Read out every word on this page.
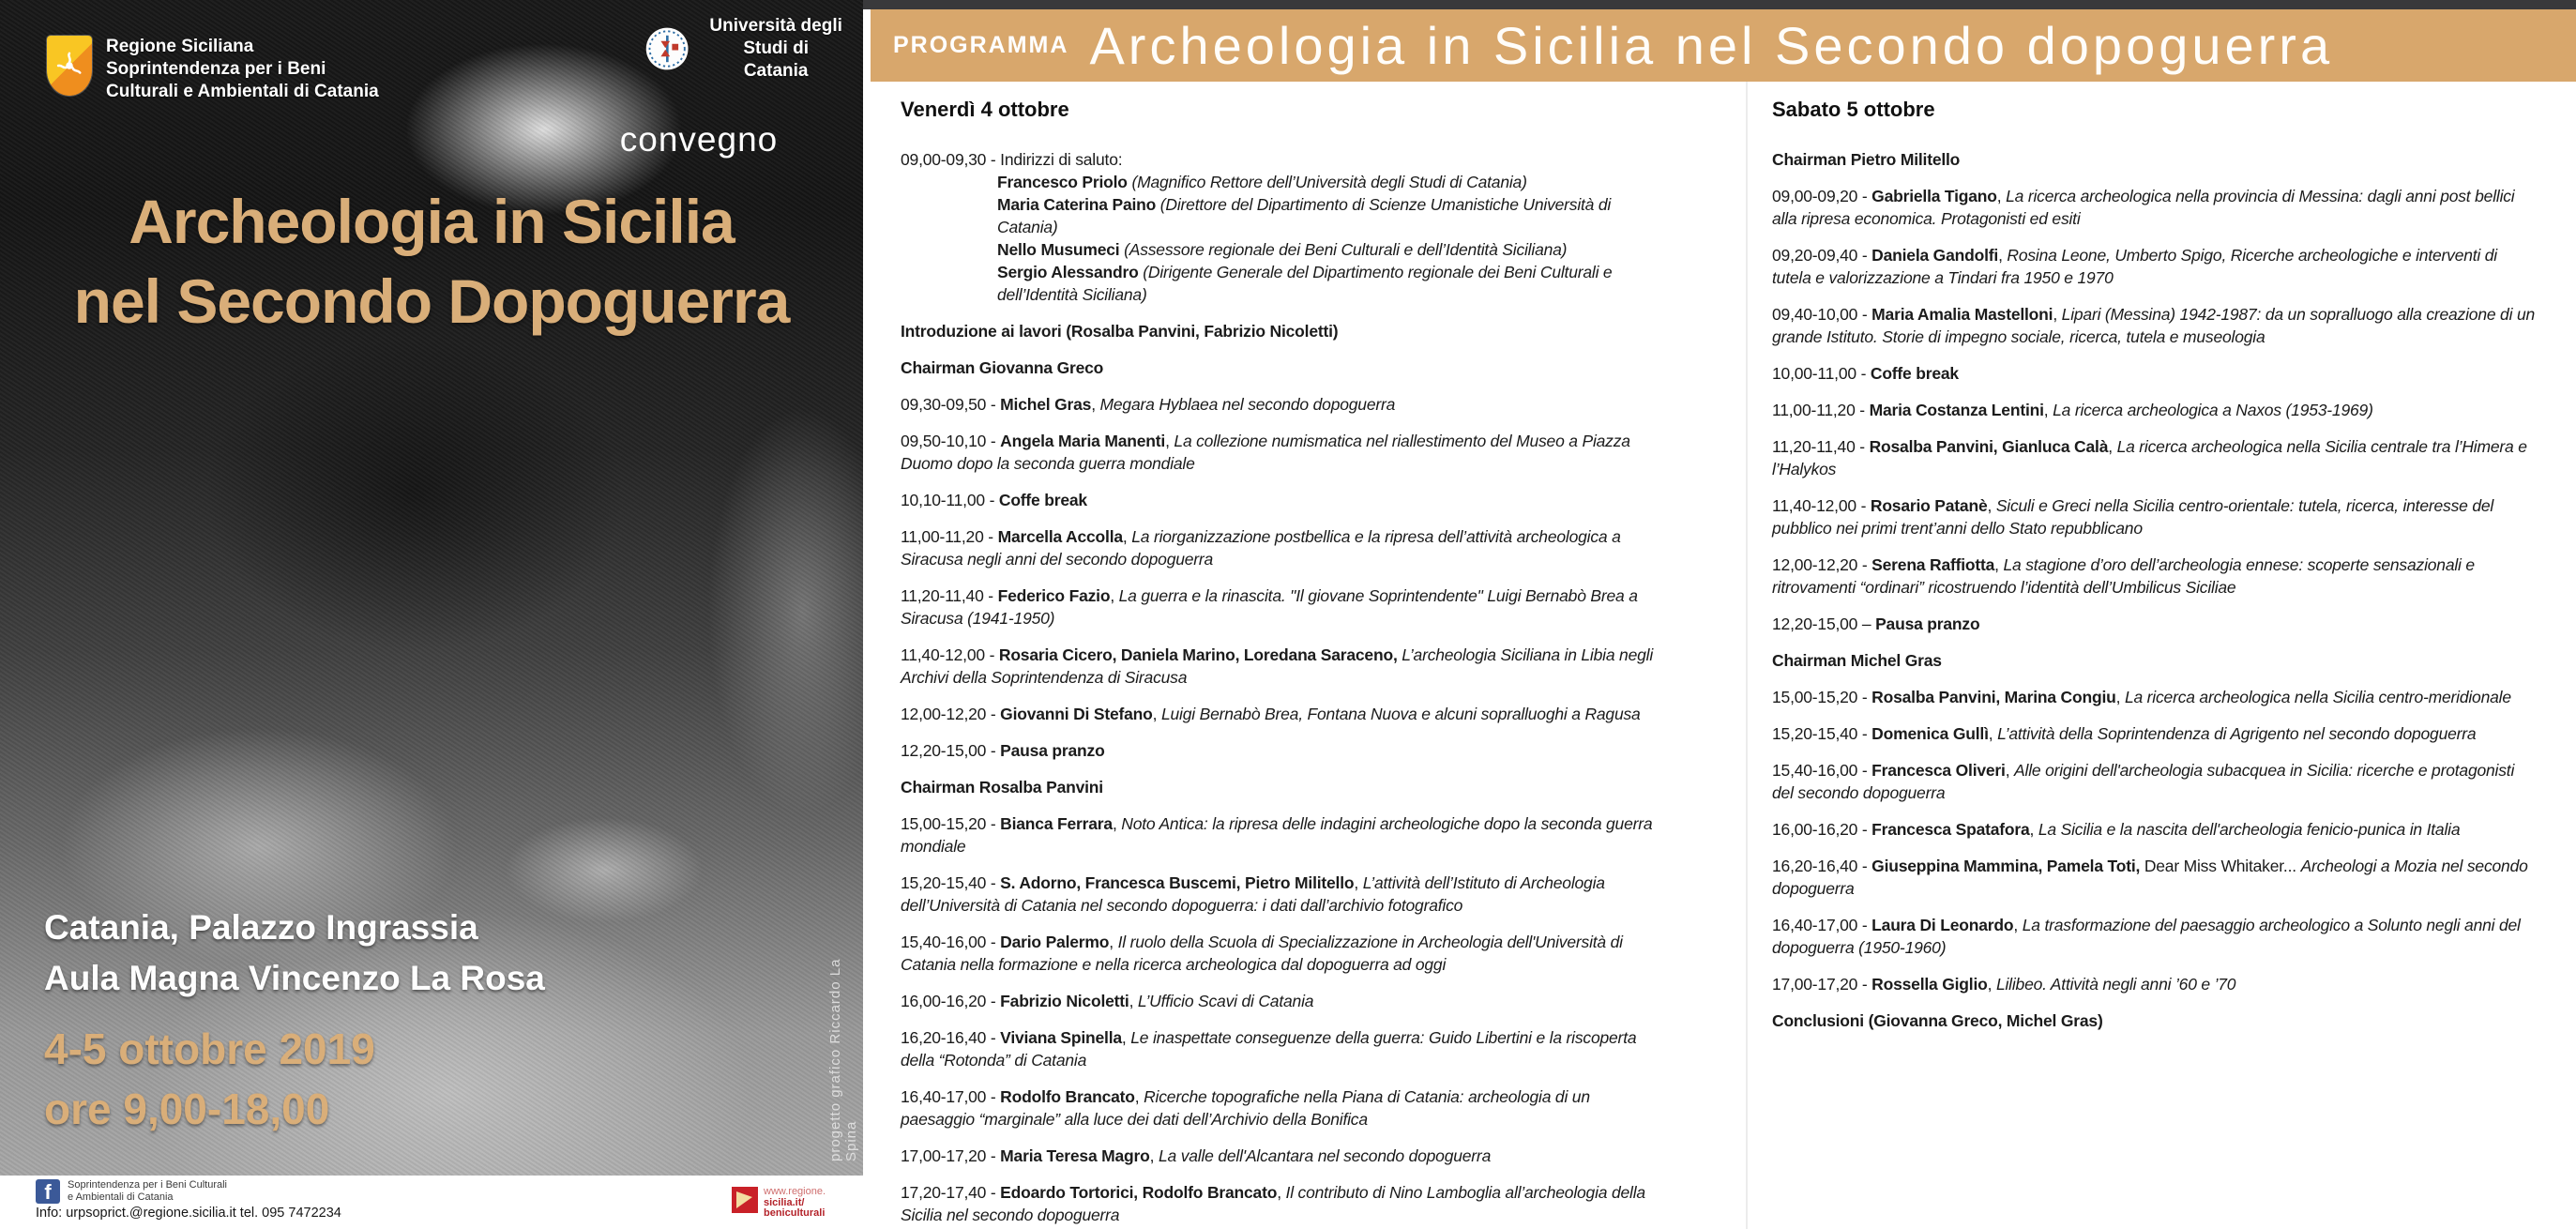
Regione Siciliana
Soprintendenza per i Beni
Culturali e Ambientali di Catania
Università degli Studi di
Catania
convegno
Archeologia in Sicilia
nel Secondo Dopoguerra
Catania, Palazzo Ingrassia
Aula Magna Vincenzo La Rosa
4-5 ottobre 2019
ore 9,00-18,00	progetto grafico Riccardo La Spina
f	Soprintendenza per i Beni Culturali
e Ambientali di Catania
Info: urpsoprict.@regione.sicilia.it tel. 095 7472234
www.regione.
sicilia.it/
beniculturali
PROGRAMMA Archeologia in Sicilia nel Secondo dopoguerra
Venerdì 4 ottobre

09,00-09,30 - Indirizzi di saluto:

Francesco Priolo (Magnifico Rettore dell’Università degli Studi di Catania)

Maria Caterina Paino (Direttore del Dipartimento di Scienze Umanistiche Università di Catania)

Nello Musumeci (Assessore regionale dei Beni Culturali e dell’Identità Siciliana)

Sergio Alessandro (Dirigente Generale del Dipartimento regionale dei Beni Culturali e dell’Identità Siciliana)

Introduzione ai lavori (Rosalba Panvini, Fabrizio Nicoletti)

Chairman Giovanna Greco

09,30-09,50 - Michel Gras, Megara Hyblaea nel secondo dopoguerra

09,50-10,10 - Angela Maria Manenti, La collezione numismatica nel riallestimento del Museo a Piazza Duomo dopo la seconda guerra mondiale

10,10-11,00 - Coffe break

11,00-11,20 - Marcella Accolla, La riorganizzazione postbellica e la ripresa dell’attività archeologica a Siracusa negli anni del secondo dopoguerra

11,20-11,40 - Federico Fazio, La guerra e la rinascita. "Il giovane Soprintendente" Luigi Bernabò Brea a Siracusa (1941-1950)

11,40-12,00 - Rosaria Cicero, Daniela Marino, Loredana Saraceno, L’archeologia Siciliana in Libia negli Archivi della Soprintendenza di Siracusa

12,00-12,20 - Giovanni Di Stefano, Luigi Bernabò Brea, Fontana Nuova e alcuni sopralluoghi a Ragusa

12,20-15,00 - Pausa pranzo

Chairman Rosalba Panvini

15,00-15,20 - Bianca Ferrara, Noto Antica: la ripresa delle indagini archeologiche dopo la seconda guerra mondiale

15,20-15,40 - S. Adorno, Francesca Buscemi, Pietro Militello, L’attività dell’Istituto di Archeologia dell’Università di Catania nel secondo dopoguerra: i dati dall’archivio fotografico

15,40-16,00 - Dario Palermo, Il ruolo della Scuola di Specializzazione in Archeologia dell'Università di Catania nella formazione e nella ricerca archeologica dal dopoguerra ad oggi

16,00-16,20 - Fabrizio Nicoletti, L’Ufficio Scavi di Catania

16,20-16,40 - Viviana Spinella, Le inaspettate conseguenze della guerra: Guido Libertini e la riscoperta della “Rotonda” di Catania

16,40-17,00 - Rodolfo Brancato, Ricerche topografiche nella Piana di Catania: archeologia di un paesaggio “marginale” alla luce dei dati dell’Archivio della Bonifica

17,00-17,20 - Maria Teresa Magro, La valle dell'Alcantara nel secondo dopoguerra

17,20-17,40 - Edoardo Tortorici, Rodolfo Brancato, Il contributo di Nino Lamboglia all’archeologia della Sicilia nel secondo dopoguerra

Sabato 5 ottobre

Chairman Pietro Militello

09,00-09,20 - Gabriella Tigano, La ricerca archeologica nella provincia di Messina: dagli anni post bellici alla ripresa economica. Protagonisti ed esiti

09,20-09,40 - Daniela Gandolfi, Rosina Leone, Umberto Spigo, Ricerche archeologiche e interventi di tutela e valorizzazione a Tindari fra 1950 e 1970

09,40-10,00 - Maria Amalia Mastelloni, Lipari (Messina) 1942-1987: da un sopralluogo alla creazione di un grande Istituto. Storie di impegno sociale, ricerca, tutela e museologia

10,00-11,00 - Coffe break

11,00-11,20 - Maria Costanza Lentini, La ricerca archeologica a Naxos (1953-1969)

11,20-11,40 - Rosalba Panvini, Gianluca Calà, La ricerca archeologica nella Sicilia centrale tra l’Himera e l’Halykos

11,40-12,00 - Rosario Patanè, Siculi e Greci nella Sicilia centro-orientale: tutela, ricerca, interesse del pubblico nei primi trent’anni dello Stato repubblicano

12,00-12,20 - Serena Raffiotta, La stagione d’oro dell’archeologia ennese: scoperte sensazionali e ritrovamenti “ordinari” ricostruendo l’identità dell’Umbilicus Siciliae

12,20-15,00 – Pausa pranzo

Chairman Michel Gras

15,00-15,20 - Rosalba Panvini, Marina Congiu, La ricerca archeologica nella Sicilia centro-meridionale

15,20-15,40 - Domenica Gullì, L’attività della Soprintendenza di Agrigento nel secondo dopoguerra

15,40-16,00 - Francesca Oliveri, Alle origini dell'archeologia subacquea in Sicilia: ricerche e protagonisti del secondo dopoguerra

16,00-16,20 - Francesca Spatafora, La Sicilia e la nascita dell'archeologia fenicio-punica in Italia

16,20-16,40 - Giuseppina Mammina, Pamela Toti, Dear Miss Whitaker... Archeologi a Mozia nel secondo dopoguerra

16,40-17,00 - Laura Di Leonardo, La trasformazione del paesaggio archeologico a Solunto negli anni del dopoguerra (1950-1960)

17,00-17,20 - Rossella Giglio, Lilibeo. Attività negli anni ’60 e ’70

Conclusioni (Giovanna Greco, Michel Gras)
